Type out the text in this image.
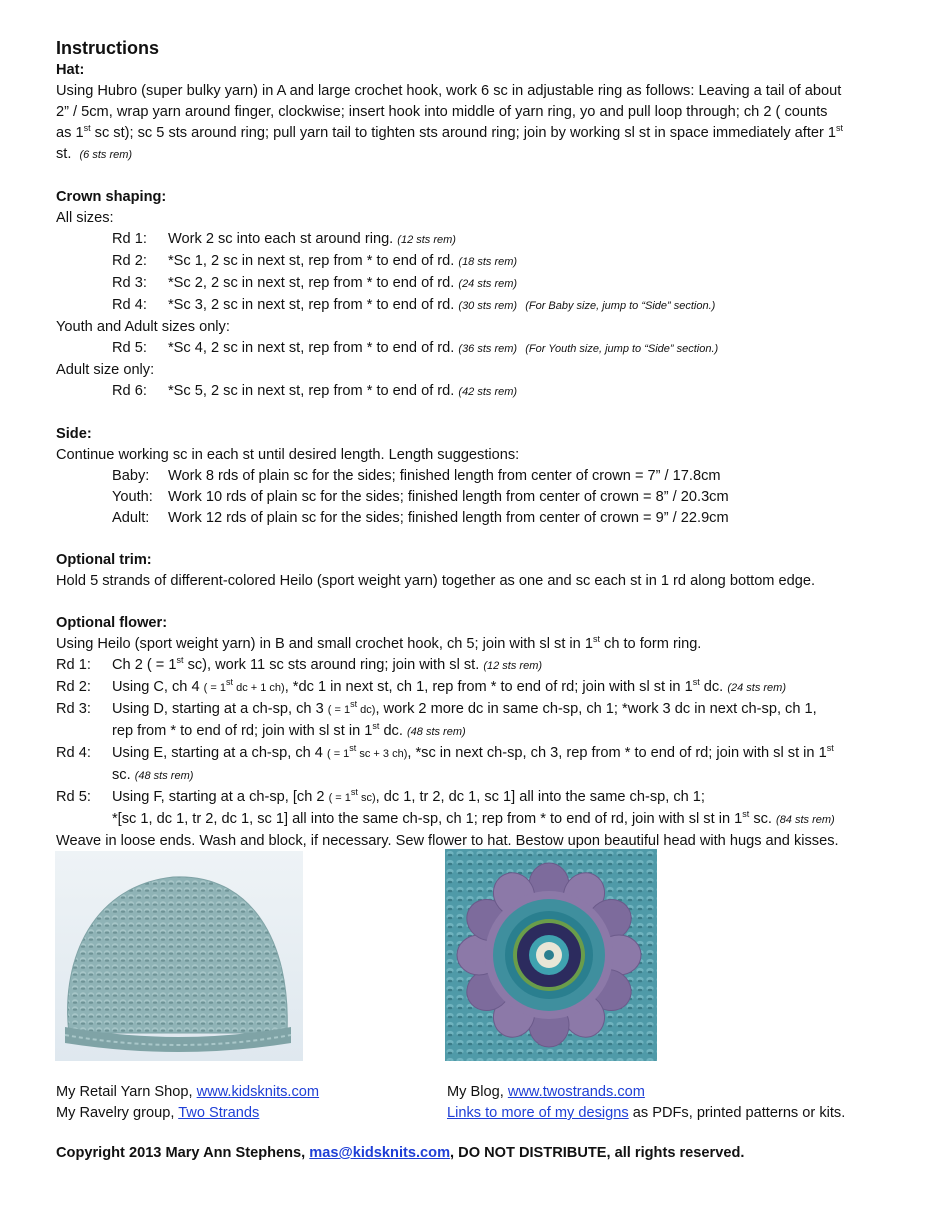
Instructions

Hat:

Using Hubro (super bulky yarn) in A and large crochet hook, work 6 sc in adjustable ring as follows: Leaving a tail of about

2” / 5cm, wrap yarn around finger, clockwise; insert hook into middle of yarn ring, yo and pull loop through; ch 2 ( counts

as 1st sc st); sc 5 sts around ring; pull yarn tail to tighten sts around ring; join by working sl st in space immediately after 1st

st. (6 sts rem)

Crown shaping:

All sizes:

Rd 1:	Work 2 sc into each st around ring. (12 sts rem)
Rd 2:	*Sc 1, 2 sc in next st, rep from * to end of rd. (18 sts rem)
Rd 3:	*Sc 2, 2 sc in next st, rep from * to end of rd. (24 sts rem)
Rd 4:	*Sc 3, 2 sc in next st, rep from * to end of rd. (30 sts rem) (For Baby size, jump to “Side” section.)

Youth and Adult sizes only:

Rd 5:	*Sc 4, 2 sc in next st, rep from * to end of rd. (36 sts rem) (For Youth size, jump to “Side” section.)

Adult size only:

Rd 6:	*Sc 5, 2 sc in next st, rep from * to end of rd. (42 sts rem)

Side:

Continue working sc in each st until desired length. Length suggestions:

Baby:	Work 8 rds of plain sc for the sides; finished length from center of crown = 7” / 17.8cm
Youth:	Work 10 rds of plain sc for the sides; finished length from center of crown = 8” / 20.3cm
Adult:	Work 12 rds of plain sc for the sides; finished length from center of crown = 9” / 22.9cm

Optional trim:

Hold 5 strands of different-colored Heilo (sport weight yarn) together as one and sc each st in 1 rd along bottom edge.

Optional flower:

Using Heilo (sport weight yarn) in B and small crochet hook, ch 5; join with sl st in 1st ch to form ring.

Rd 1:	Ch 2 ( = 1st sc), work 11 sc sts around ring; join with sl st. (12 sts rem)
Rd 2:	Using C, ch 4 ( = 1st dc + 1 ch), *dc 1 in next st, ch 1, rep from * to end of rd; join with sl st in 1st dc. (24 sts rem)
Rd 3:	Using D, starting at a ch-sp, ch 3 ( = 1st dc), work 2 more dc in same ch-sp, ch 1; *work 3 dc in next ch-sp, ch 1,
rep from * to end of rd; join with sl st in 1st dc. (48 sts rem)
Rd 4:	Using E, starting at a ch-sp, ch 4 ( = 1st sc + 3 ch), *sc in next ch-sp, ch 3, rep from * to end of rd; join with sl st in 1st
sc. (48 sts rem)
Rd 5:	Using F, starting at a ch-sp, [ch 2 ( = 1st sc), dc 1, tr 2, dc 1, sc 1] all into the same ch-sp, ch 1;
*[sc 1, dc 1, tr 2, dc 1, sc 1] all into the same ch-sp, ch 1; rep from * to end of rd, join with sl st in 1st sc. (84 sts rem)

Weave in loose ends. Wash and block, if necessary. Sew flower to hat. Bestow upon beautiful head with hugs and kisses.

My Retail Yarn Shop, www.kidsknits.com

My Ravelry group, Two Strands

My Blog, www.twostrands.com

Links to more of my designs as PDFs, printed patterns or kits.

Copyright 2013 Mary Ann Stephens, mas@kidsknits.com, DO NOT DISTRIBUTE, all rights reserved.
